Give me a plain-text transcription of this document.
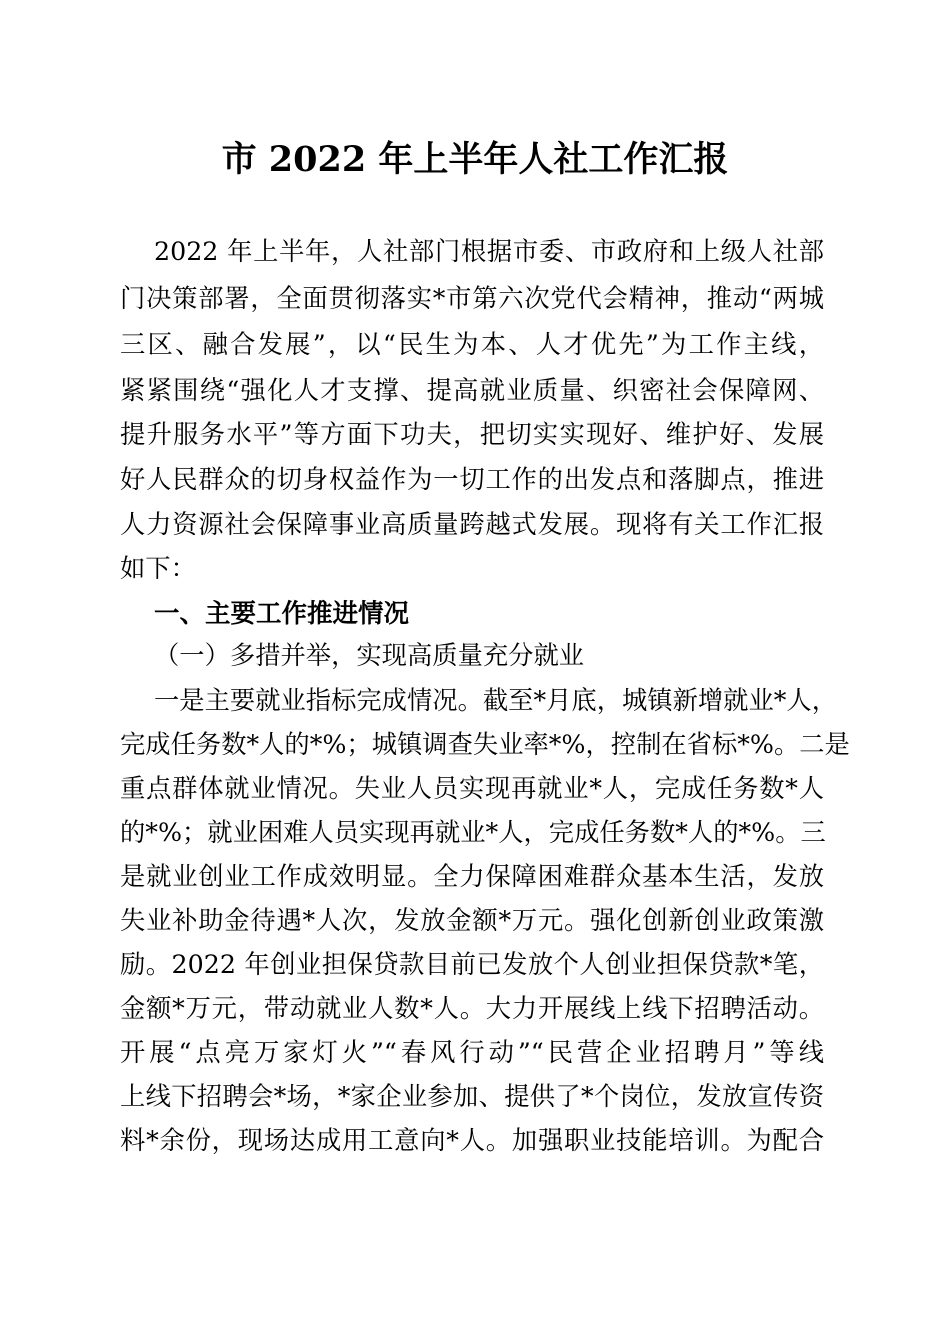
市 2022 年上半年人社工作汇报
2022 年上半年，人社部门根据市委、市政府和上级人社部
门决策部署，全面贯彻落实*市第六次党代会精神，推动“两城
三区、融合发展”，以“民生为本、人才优先”为工作主线，
紧紧围绕“强化人才支撑、提高就业质量、织密社会保障网、
提升服务水平”等方面下功夫，把切实实现好、维护好、发展
好人民群众的切身权益作为一切工作的出发点和落脚点，推进
人力资源社会保障事业高质量跨越式发展。现将有关工作汇报
如下：
一、主要工作推进情况
（一）多措并举，实现高质量充分就业
一是主要就业指标完成情况。截至*月底，城镇新增就业*人，
完成任务数*人的*%；城镇调查失业率*%，控制在省标*%。二是
重点群体就业情况。失业人员实现再就业*人，完成任务数*人
的*%；就业困难人员实现再就业*人，完成任务数*人的*%。三
是就业创业工作成效明显。全力保障困难群众基本生活，发放
失业补助金待遇*人次，发放金额*万元。强化创新创业政策激
励。2022 年创业担保贷款目前已发放个人创业担保贷款*笔，
金额*万元，带动就业人数*人。大力开展线上线下招聘活动。
开展“点亮万家灯火”“春风行动”“民营企业招聘月”等线
上线下招聘会*场，*家企业参加、提供了*个岗位，发放宣传资
料*余份，现场达成用工意向*人。加强职业技能培训。为配合
